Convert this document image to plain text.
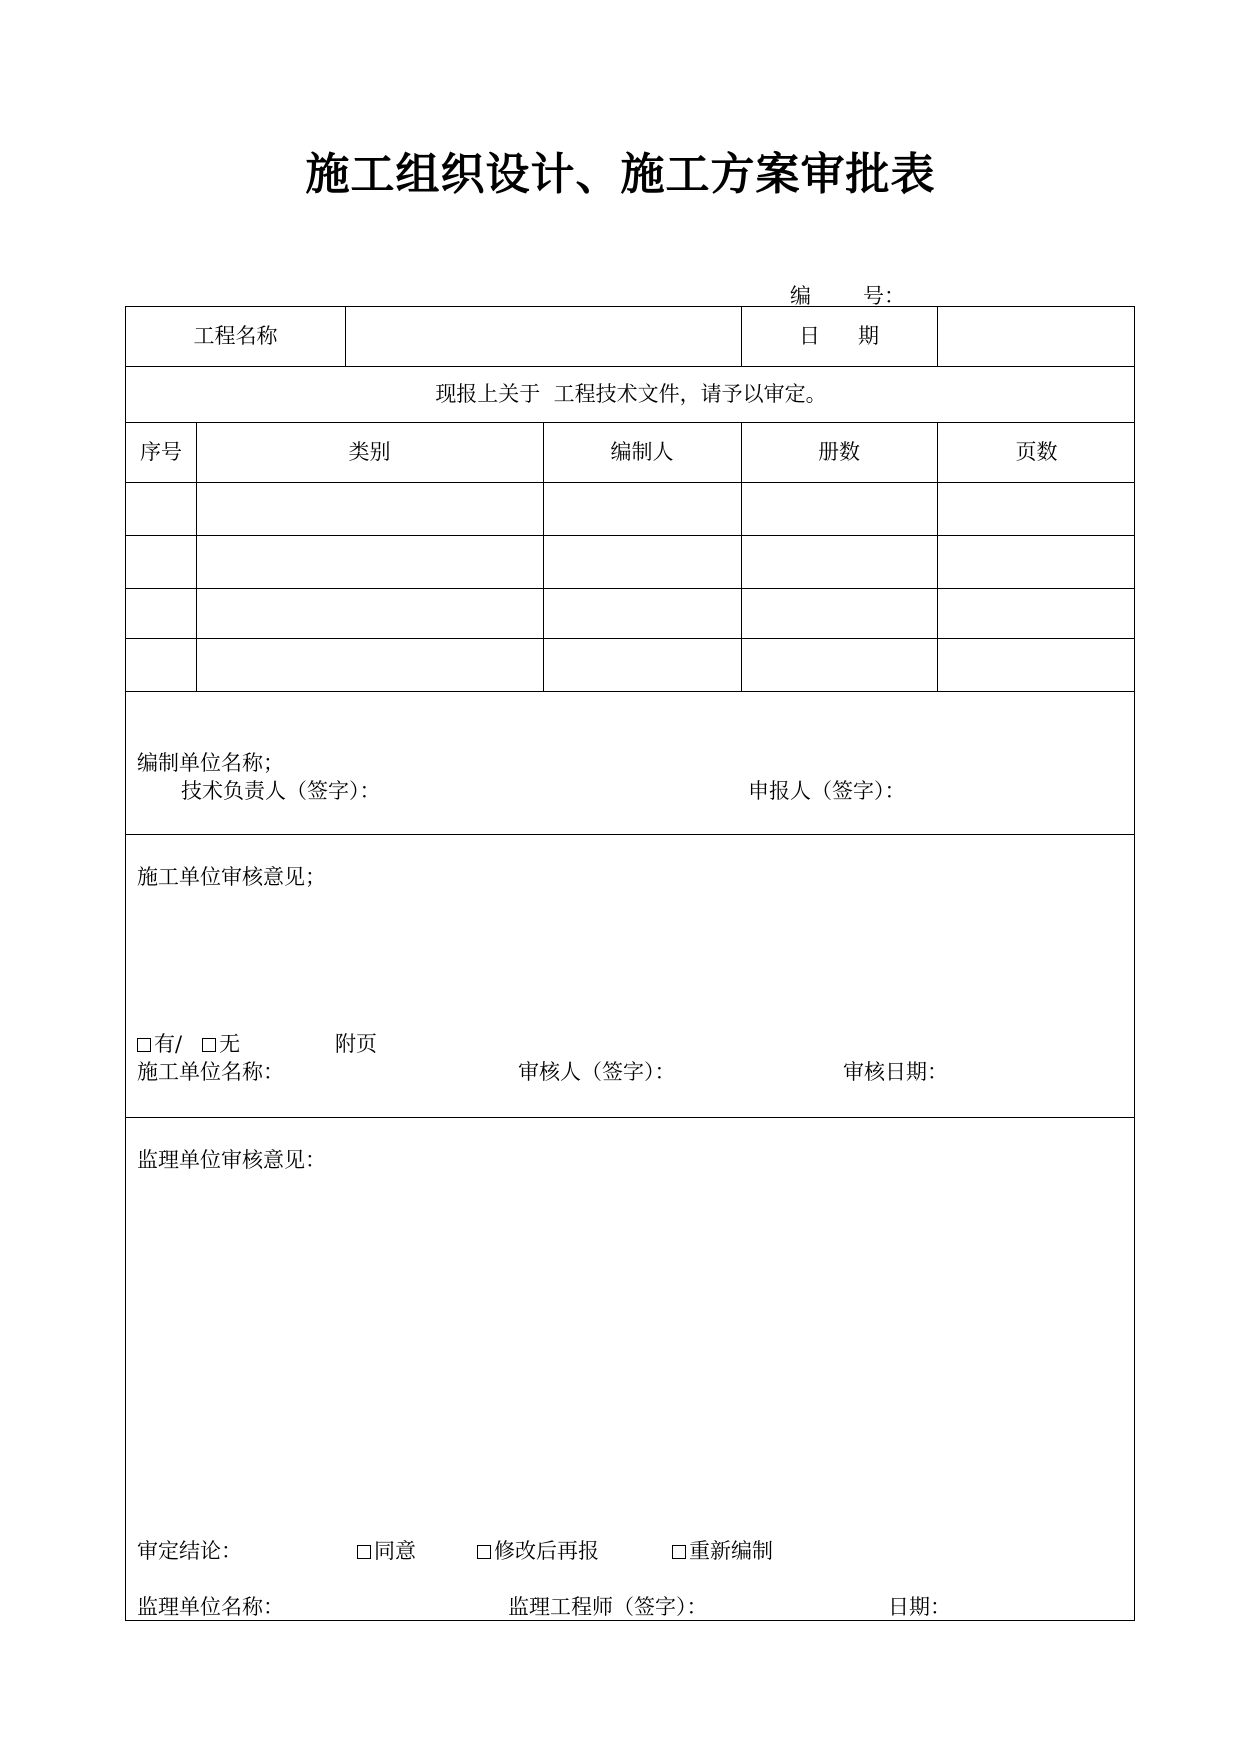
施工组织设计、施工方案审批表
编 号：
工程名称	日 期
现报上关于  工程技术文件，请予以审定。
序号	类别	编制人	册数	页数
编制单位名称；
技术负责人（签字）：	申报人（签字）：
施工单位审核意见；
有/ 无	附页
施工单位名称：	审核人（签字）：	审核日期：
监理单位审核意见：
审定结论：	同意	修改后再报	重新编制
监理单位名称：	监理工程师（签字）：	日期：
